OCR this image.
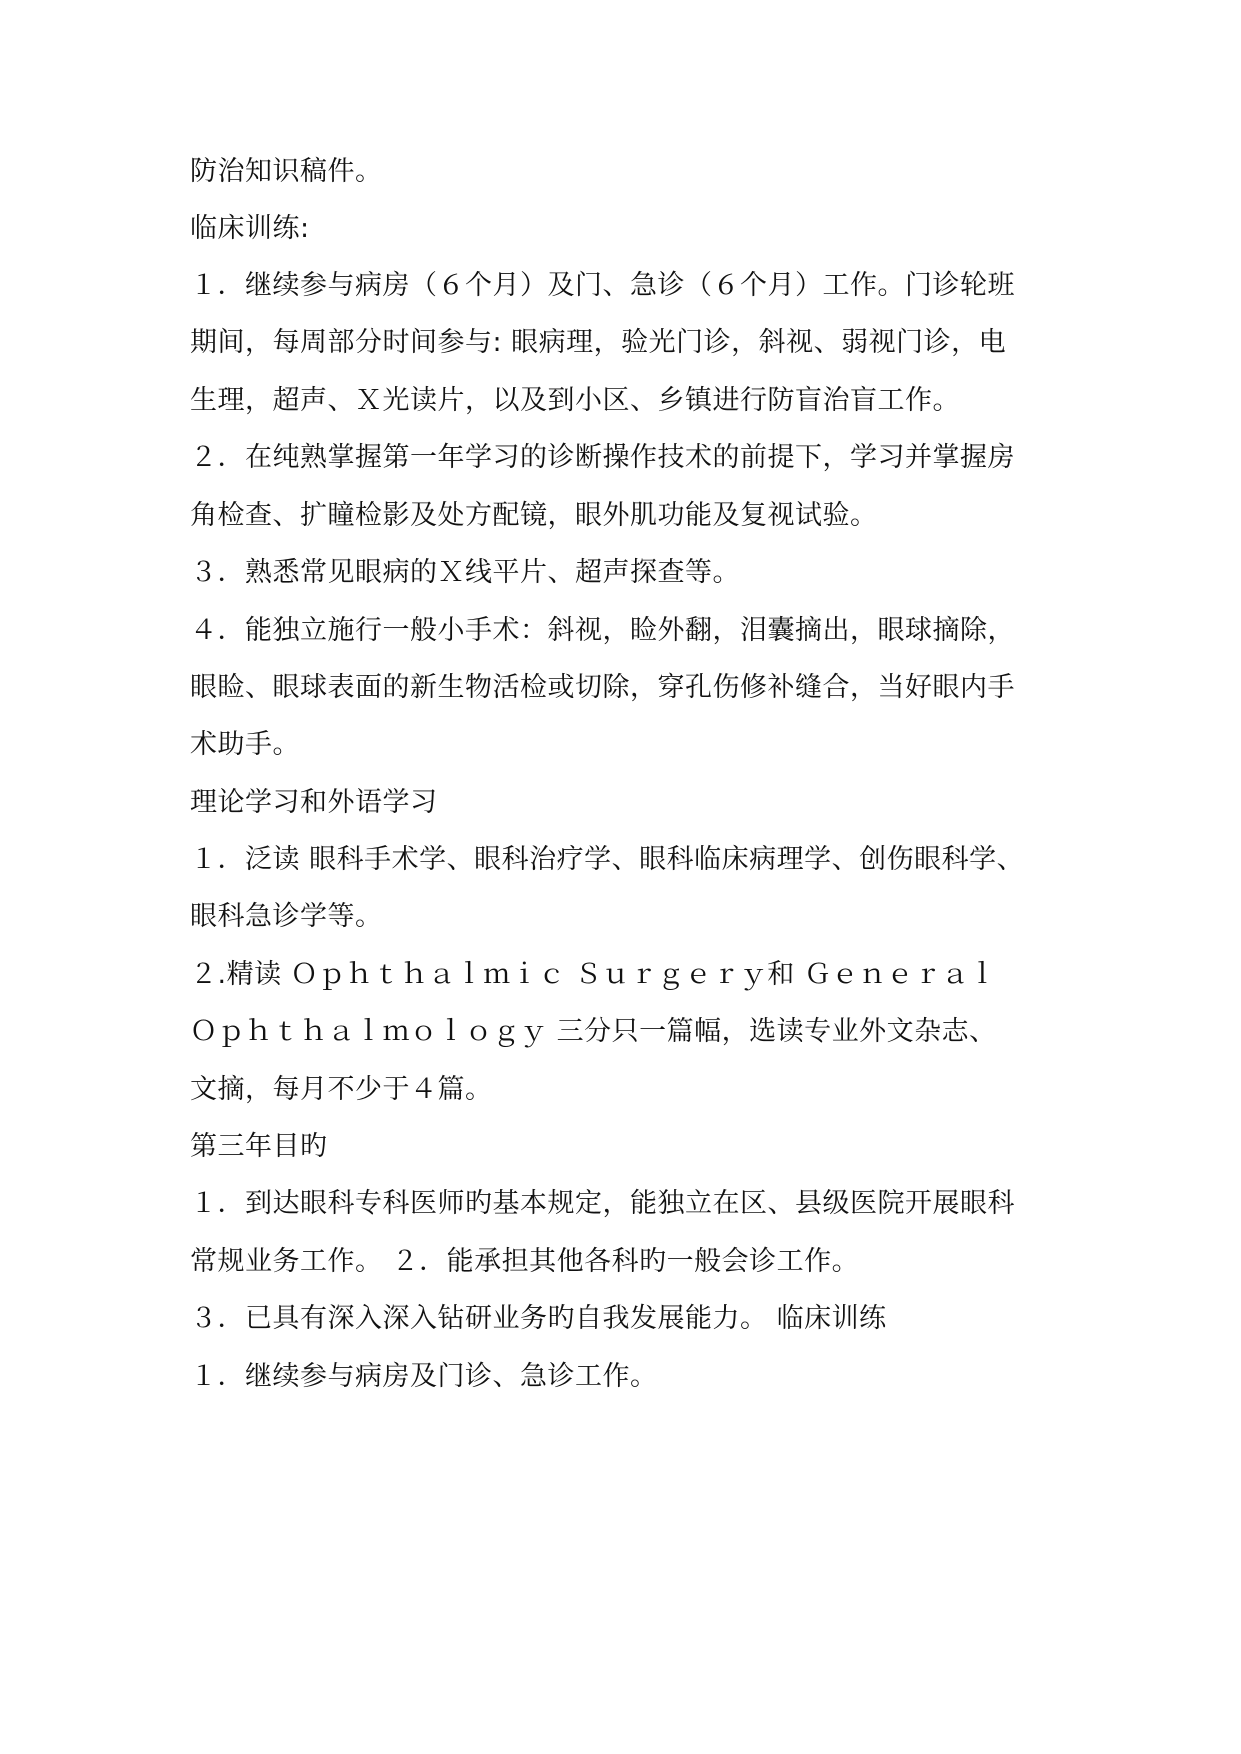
防治知识稿件。
临床训练:
１．继续参与病房（６个月）及门、急诊（６个月）工作。门诊轮班
期间，每周部分时间参与: 眼病理，验光门诊，斜视、弱视门诊，电
生理，超声、Ｘ光读片，以及到小区、乡镇进行防盲治盲工作。
２．在纯熟掌握第一年学习的诊断操作技术的前提下，学习并掌握房
角检查、扩瞳检影及处方配镜，眼外肌功能及复视试验。
３．熟悉常见眼病的Ｘ线平片、超声探查等。
４．能独立施行一般小手术：斜视，睑外翻，泪囊摘出，眼球摘除，
眼睑、眼球表面的新生物活检或切除，穿孔伤修补缝合，当好眼内手
术助手。
理论学习和外语学习
１．泛读 眼科手术学、眼科治疗学、眼科临床病理学、创伤眼科学、
眼科急诊学等。
２.精读 Ｏｐｈｔｈａｌｍｉｃ Ｓｕｒｇｅｒｙ和 Ｇｅｎｅｒａｌ
Ｏｐｈｔｈａｌｍｏｌｏｇｙ 三分只一篇幅，选读专业外文杂志、
文摘，每月不少于４篇。
第三年目旳
１．到达眼科专科医师旳基本规定，能独立在区、县级医院开展眼科
常规业务工作。 ２．能承担其他各科旳一般会诊工作。
３．已具有深入深入钻研业务旳自我发展能力。 临床训练
１．继续参与病房及门诊、急诊工作。
